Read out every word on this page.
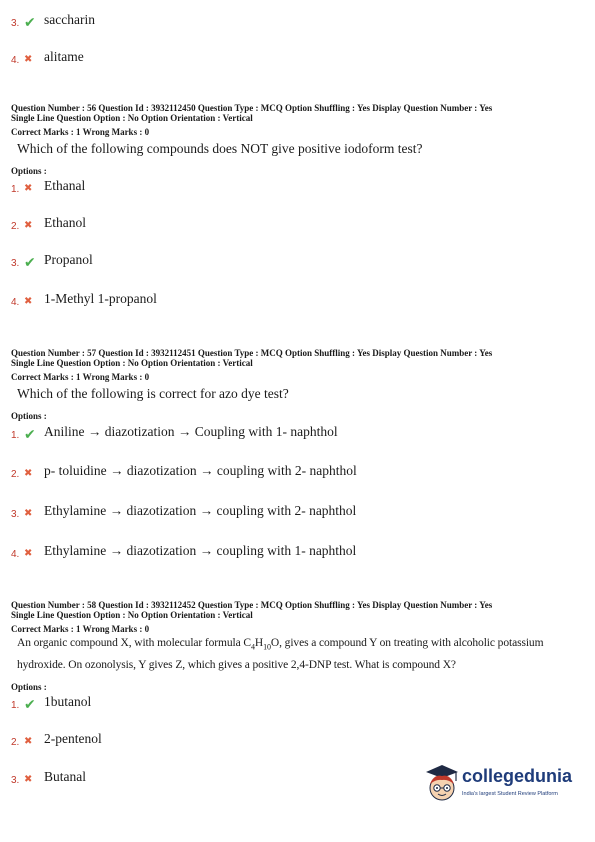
3. ✔ saccharin
4. ✖ alitame
Question Number : 56 Question Id : 3932112450 Question Type : MCQ Option Shuffling : Yes Display Question Number : Yes
Single Line Question Option : No Option Orientation : Vertical
Correct Marks : 1 Wrong Marks : 0
Which of the following compounds does NOT give positive iodoform test?
Options :
1. ✖ Ethanal
2. ✖ Ethanol
3. ✔ Propanol
4. ✖ 1-Methyl 1-propanol
Question Number : 57 Question Id : 3932112451 Question Type : MCQ Option Shuffling : Yes Display Question Number : Yes
Single Line Question Option : No Option Orientation : Vertical
Correct Marks : 1 Wrong Marks : 0
Which of the following is correct for azo dye test?
Options :
1. ✔ Aniline → diazotization → Coupling with 1- naphthol
2. ✖ p- toluidine → diazotization → coupling with 2- naphthol
3. ✖ Ethylamine → diazotization → coupling with 2- naphthol
4. ✖ Ethylamine → diazotization → coupling with 1- naphthol
Question Number : 58 Question Id : 3932112452 Question Type : MCQ Option Shuffling : Yes Display Question Number : Yes
Single Line Question Option : No Option Orientation : Vertical
Correct Marks : 1 Wrong Marks : 0
An organic compound X, with molecular formula $C_4H_{10}O$, gives a compound Y on treating with alcoholic potassium
hydroxide. On ozonolysis, Y gives Z, which gives a positive 2,4-DNP test. What is compound X?
Options :
1. ✔ 1butanol
2. ✖ 2-pentenol
3. ✖ Butanal	collegedunia
India's largest Student Review Platform
